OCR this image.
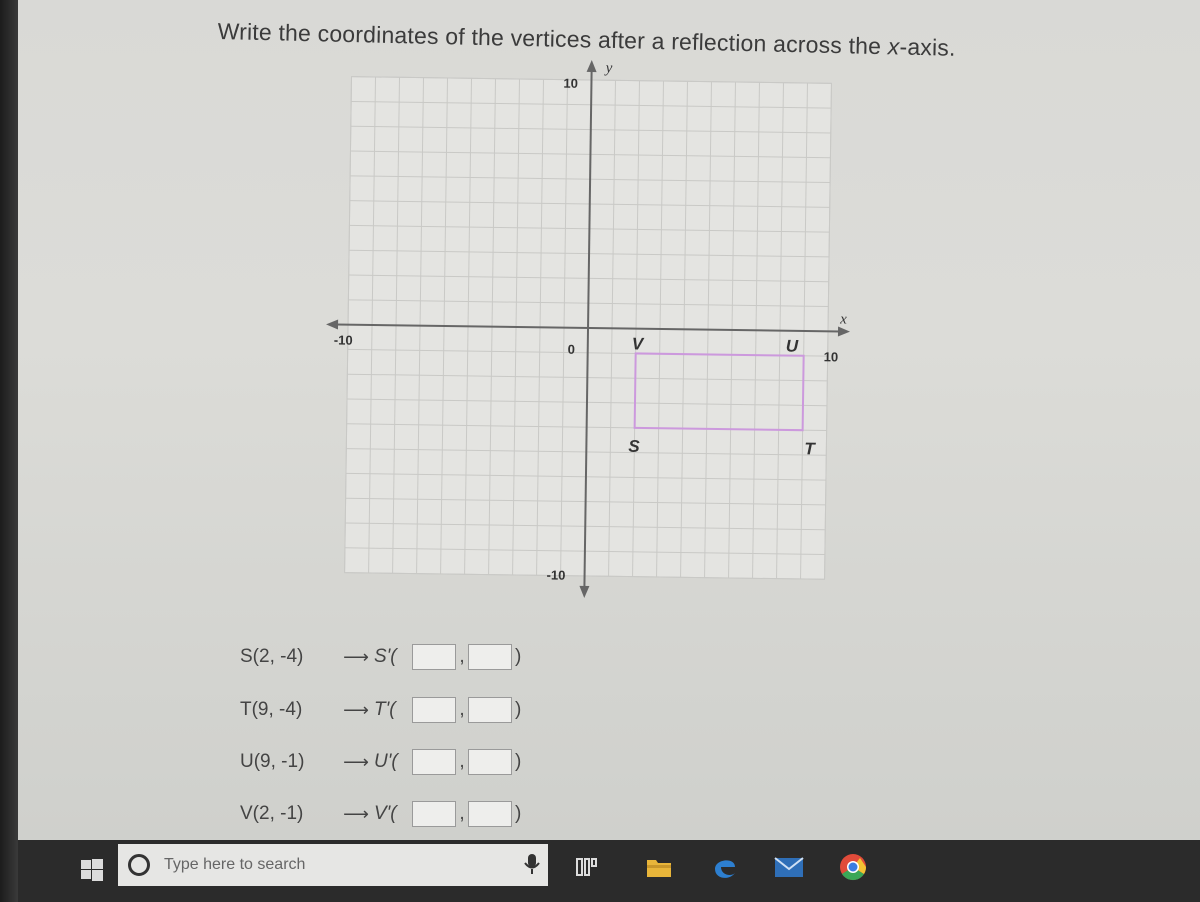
Write the coordinates of the vertices after a reflection across the x-axis.
-10
10
10
-10
0
x
y
S	T
U
V
S(2, -4)	⟶ S'(	,	)
T(9, -4)	⟶ T'(	,	)
U(9, -1)	⟶ U'(	,	)
V(2, -1)	⟶ V'(	,	)
Type here to search
